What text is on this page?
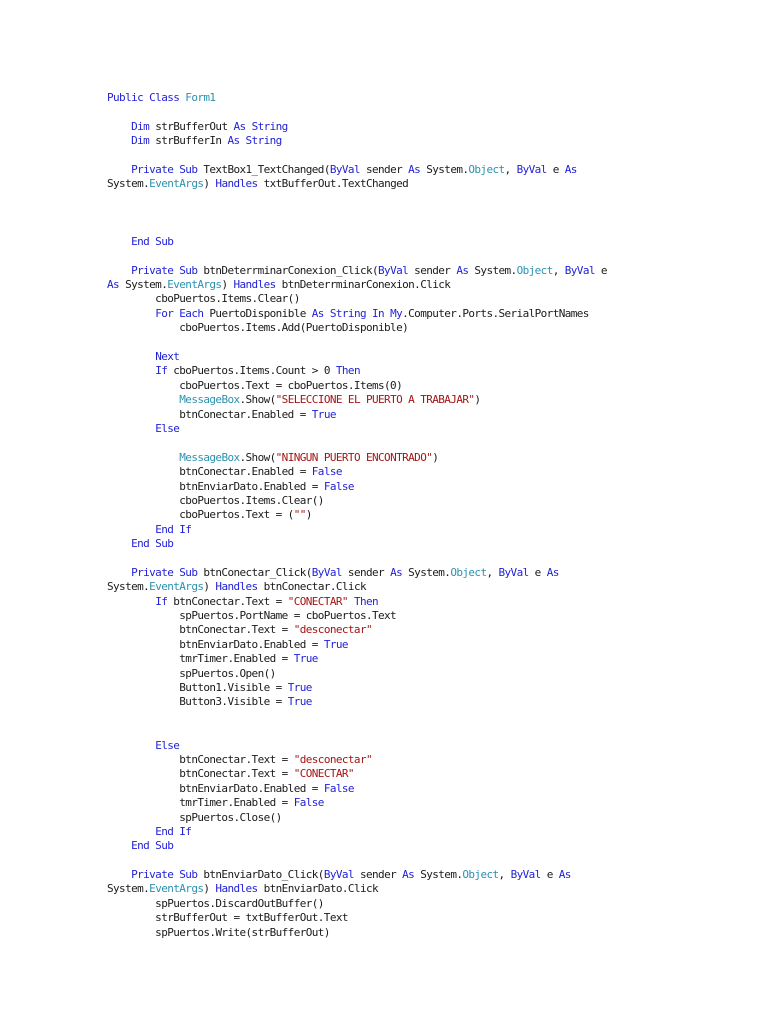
Public Class Form1
Dim strBufferOut As String
Dim strBufferIn As String
Private Sub TextBox1_TextChanged(ByVal sender As System.Object, ByVal e As
System.EventArgs) Handles txtBufferOut.TextChanged
End Sub
Private Sub btnDeterrminarConexion_Click(ByVal sender As System.Object, ByVal e
As System.EventArgs) Handles btnDeterrminarConexion.Click
cboPuertos.Items.Clear()
For Each PuertoDisponible As String In My.Computer.Ports.SerialPortNames
cboPuertos.Items.Add(PuertoDisponible)
Next
If cboPuertos.Items.Count > 0 Then
cboPuertos.Text = cboPuertos.Items(0)
MessageBox.Show("SELECCIONE EL PUERTO A TRABAJAR")
btnConectar.Enabled = True
Else
MessageBox.Show("NINGUN PUERTO ENCONTRADO")
btnConectar.Enabled = False
btnEnviarDato.Enabled = False
cboPuertos.Items.Clear()
cboPuertos.Text = ("")
End If
End Sub
Private Sub btnConectar_Click(ByVal sender As System.Object, ByVal e As
System.EventArgs) Handles btnConectar.Click
If btnConectar.Text = "CONECTAR" Then
spPuertos.PortName = cboPuertos.Text
btnConectar.Text = "desconectar"
btnEnviarDato.Enabled = True
tmrTimer.Enabled = True
spPuertos.Open()
Button1.Visible = True
Button3.Visible = True
Else
btnConectar.Text = "desconectar"
btnConectar.Text = "CONECTAR"
btnEnviarDato.Enabled = False
tmrTimer.Enabled = False
spPuertos.Close()
End If
End Sub
Private Sub btnEnviarDato_Click(ByVal sender As System.Object, ByVal e As
System.EventArgs) Handles btnEnviarDato.Click
spPuertos.DiscardOutBuffer()
strBufferOut = txtBufferOut.Text
spPuertos.Write(strBufferOut)
